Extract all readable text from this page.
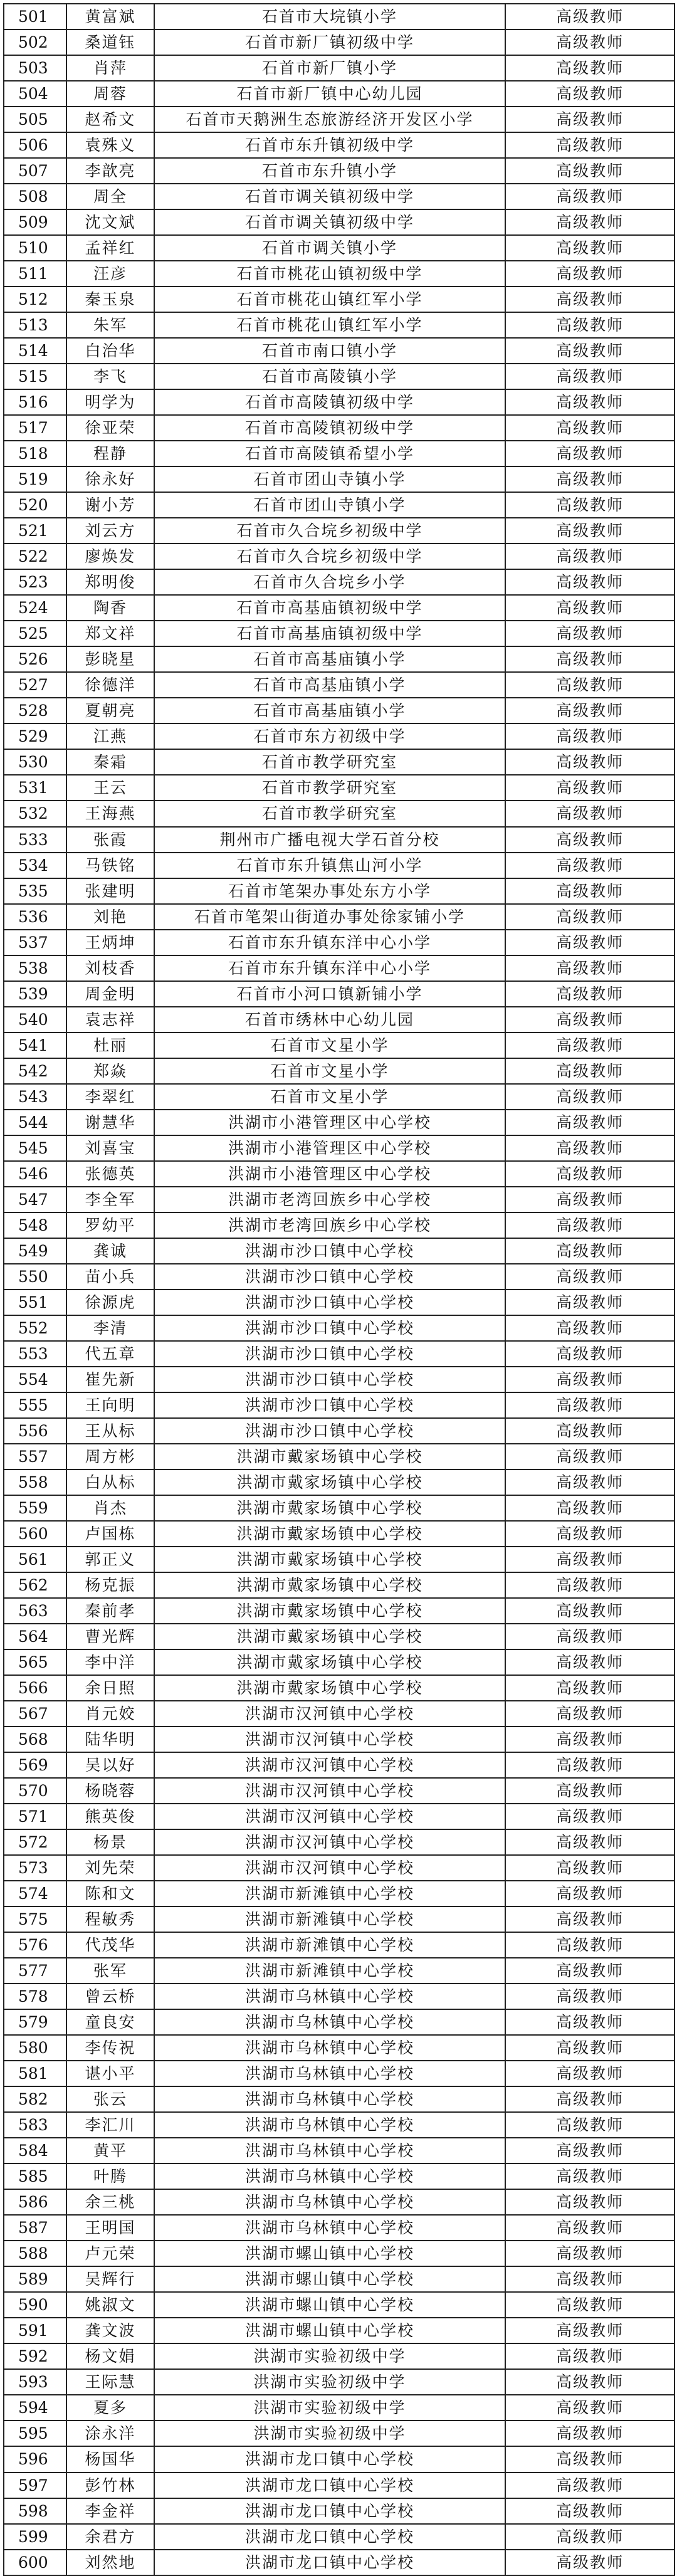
501	黄富斌	石首市大垸镇小学	高级教师
502	桑道钰	石首市新厂镇初级中学	高级教师
503	肖萍	石首市新厂镇小学	高级教师
504	周蓉	石首市新厂镇中心幼儿园	高级教师
505	赵希文	石首市天鹅洲生态旅游经济开发区小学	高级教师
506	袁殊义	石首市东升镇初级中学	高级教师
507	李歆亮	石首市东升镇小学	高级教师
508	周全	石首市调关镇初级中学	高级教师
509	沈文斌	石首市调关镇初级中学	高级教师
510	孟祥红	石首市调关镇小学	高级教师
511	汪彦	石首市桃花山镇初级中学	高级教师
512	秦玉泉	石首市桃花山镇红军小学	高级教师
513	朱军	石首市桃花山镇红军小学	高级教师
514	白治华	石首市南口镇小学	高级教师
515	李飞	石首市高陵镇小学	高级教师
516	明学为	石首市高陵镇初级中学	高级教师
517	徐亚荣	石首市高陵镇初级中学	高级教师
518	程静	石首市高陵镇希望小学	高级教师
519	徐永好	石首市团山寺镇小学	高级教师
520	谢小芳	石首市团山寺镇小学	高级教师
521	刘云方	石首市久合垸乡初级中学	高级教师
522	廖焕发	石首市久合垸乡初级中学	高级教师
523	郑明俊	石首市久合垸乡小学	高级教师
524	陶香	石首市高基庙镇初级中学	高级教师
525	郑文祥	石首市高基庙镇初级中学	高级教师
526	彭晓星	石首市高基庙镇小学	高级教师
527	徐德洋	石首市高基庙镇小学	高级教师
528	夏朝亮	石首市高基庙镇小学	高级教师
529	江燕	石首市东方初级中学	高级教师
530	秦霜	石首市教学研究室	高级教师
531	王云	石首市教学研究室	高级教师
532	王海燕	石首市教学研究室	高级教师
533	张霞	荆州市广播电视大学石首分校	高级教师
534	马铁铭	石首市东升镇焦山河小学	高级教师
535	张建明	石首市笔架办事处东方小学	高级教师
536	刘艳	石首市笔架山街道办事处徐家铺小学	高级教师
537	王炳坤	石首市东升镇东洋中心小学	高级教师
538	刘枝香	石首市东升镇东洋中心小学	高级教师
539	周金明	石首市小河口镇新铺小学	高级教师
540	袁志祥	石首市绣林中心幼儿园	高级教师
541	杜丽	石首市文星小学	高级教师
542	郑焱	石首市文星小学	高级教师
543	李翠红	石首市文星小学	高级教师
544	谢慧华	洪湖市小港管理区中心学校	高级教师
545	刘喜宝	洪湖市小港管理区中心学校	高级教师
546	张德英	洪湖市小港管理区中心学校	高级教师
547	李全军	洪湖市老湾回族乡中心学校	高级教师
548	罗幼平	洪湖市老湾回族乡中心学校	高级教师
549	龚诚	洪湖市沙口镇中心学校	高级教师
550	苗小兵	洪湖市沙口镇中心学校	高级教师
551	徐源虎	洪湖市沙口镇中心学校	高级教师
552	李清	洪湖市沙口镇中心学校	高级教师
553	代五章	洪湖市沙口镇中心学校	高级教师
554	崔先新	洪湖市沙口镇中心学校	高级教师
555	王向明	洪湖市沙口镇中心学校	高级教师
556	王从标	洪湖市沙口镇中心学校	高级教师
557	周方彬	洪湖市戴家场镇中心学校	高级教师
558	白从标	洪湖市戴家场镇中心学校	高级教师
559	肖杰	洪湖市戴家场镇中心学校	高级教师
560	卢国栋	洪湖市戴家场镇中心学校	高级教师
561	郭正义	洪湖市戴家场镇中心学校	高级教师
562	杨克振	洪湖市戴家场镇中心学校	高级教师
563	秦前孝	洪湖市戴家场镇中心学校	高级教师
564	曹光辉	洪湖市戴家场镇中心学校	高级教师
565	李中洋	洪湖市戴家场镇中心学校	高级教师
566	余日照	洪湖市戴家场镇中心学校	高级教师
567	肖元姣	洪湖市汉河镇中心学校	高级教师
568	陆华明	洪湖市汉河镇中心学校	高级教师
569	吴以好	洪湖市汉河镇中心学校	高级教师
570	杨晓蓉	洪湖市汉河镇中心学校	高级教师
571	熊英俊	洪湖市汉河镇中心学校	高级教师
572	杨景	洪湖市汉河镇中心学校	高级教师
573	刘先荣	洪湖市汉河镇中心学校	高级教师
574	陈和文	洪湖市新滩镇中心学校	高级教师
575	程敏秀	洪湖市新滩镇中心学校	高级教师
576	代茂华	洪湖市新滩镇中心学校	高级教师
577	张军	洪湖市新滩镇中心学校	高级教师
578	曾云桥	洪湖市乌林镇中心学校	高级教师
579	童良安	洪湖市乌林镇中心学校	高级教师
580	李传祝	洪湖市乌林镇中心学校	高级教师
581	谌小平	洪湖市乌林镇中心学校	高级教师
582	张云	洪湖市乌林镇中心学校	高级教师
583	李汇川	洪湖市乌林镇中心学校	高级教师
584	黄平	洪湖市乌林镇中心学校	高级教师
585	叶腾	洪湖市乌林镇中心学校	高级教师
586	余三桃	洪湖市乌林镇中心学校	高级教师
587	王明国	洪湖市乌林镇中心学校	高级教师
588	卢元荣	洪湖市螺山镇中心学校	高级教师
589	吴辉行	洪湖市螺山镇中心学校	高级教师
590	姚淑文	洪湖市螺山镇中心学校	高级教师
591	龚文波	洪湖市螺山镇中心学校	高级教师
592	杨文娟	洪湖市实验初级中学	高级教师
593	王际慧	洪湖市实验初级中学	高级教师
594	夏多	洪湖市实验初级中学	高级教师
595	涂永洋	洪湖市实验初级中学	高级教师
596	杨国华	洪湖市龙口镇中心学校	高级教师
597	彭竹林	洪湖市龙口镇中心学校	高级教师
598	李金祥	洪湖市龙口镇中心学校	高级教师
599	余君方	洪湖市龙口镇中心学校	高级教师
600	刘然地	洪湖市龙口镇中心学校	高级教师
